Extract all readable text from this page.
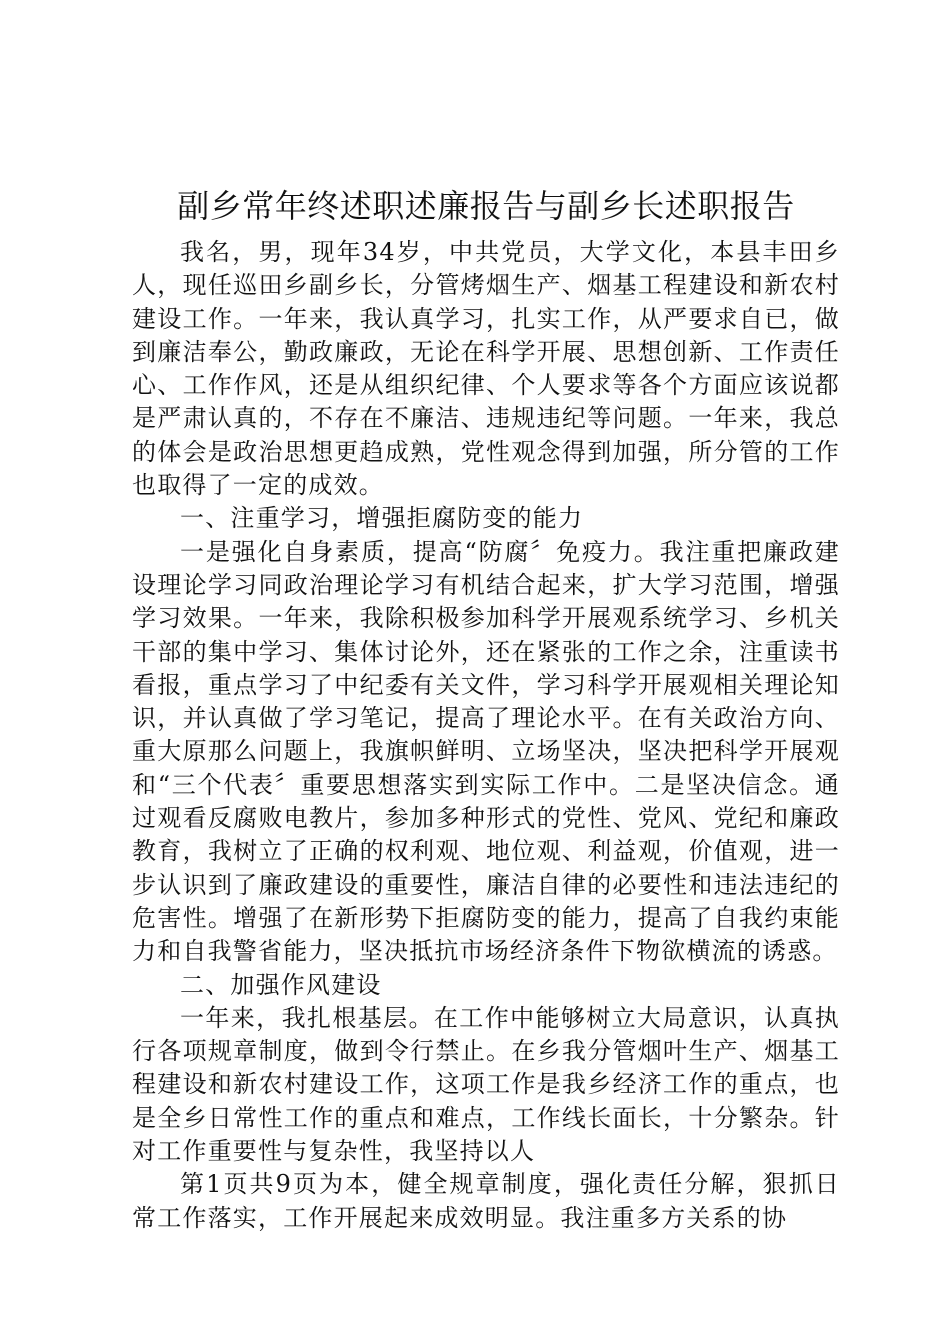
副乡常年终述职述廉报告与副乡长述职报告

我名，男，现年34岁，中共党员，大学文化，本县丰田乡人，现任巡田乡副乡长，分管烤烟生产、烟基工程建设和新农村建设工作。一年来，我认真学习，扎实工作，从严要求自已，做到廉洁奉公，勤政廉政，无论在科学开展、思想创新、工作责任心、工作作风，还是从组织纪律、个人要求等各个方面应该说都是严肃认真的，不存在不廉洁、违规违纪等问题。一年来，我总的体会是政治思想更趋成熟，党性观念得到加强，所分管的工作也取得了一定的成效。

一、注重学习，增强拒腐防变的能力

一是强化自身素质，提高“防腐〞免疫力。我注重把廉政建设理论学习同政治理论学习有机结合起来，扩大学习范围，增强学习效果。一年来，我除积极参加科学开展观系统学习、乡机关干部的集中学习、集体讨论外，还在紧张的工作之余，注重读书看报，重点学习了中纪委有关文件，学习科学开展观相关理论知识，并认真做了学习笔记，提高了理论水平。在有关政治方向、重大原那么问题上，我旗帜鲜明、立场坚决，坚决把科学开展观和“三个代表〞重要思想落实到实际工作中。二是坚决信念。通过观看反腐败电教片，参加多种形式的党性、党风、党纪和廉政教育，我树立了正确的权利观、地位观、利益观，价值观，进一步认识到了廉政建设的重要性，廉洁自律的必要性和违法违纪的危害性。增强了在新形势下拒腐防变的能力，提高了自我约束能力和自我警省能力，坚决抵抗市场经济条件下物欲横流的诱惑。

二、加强作风建设

一年来，我扎根基层。在工作中能够树立大局意识，认真执行各项规章制度，做到令行禁止。在乡我分管烟叶生产、烟基工程建设和新农村建设工作，这项工作是我乡经济工作的重点，也是全乡日常性工作的重点和难点，工作线长面长，十分繁杂。针对工作重要性与复杂性，我坚持以人

第1页共9页为本，健全规章制度，强化责任分解，狠抓日常工作落实，工作开展起来成效明显。我注重多方关系的协
